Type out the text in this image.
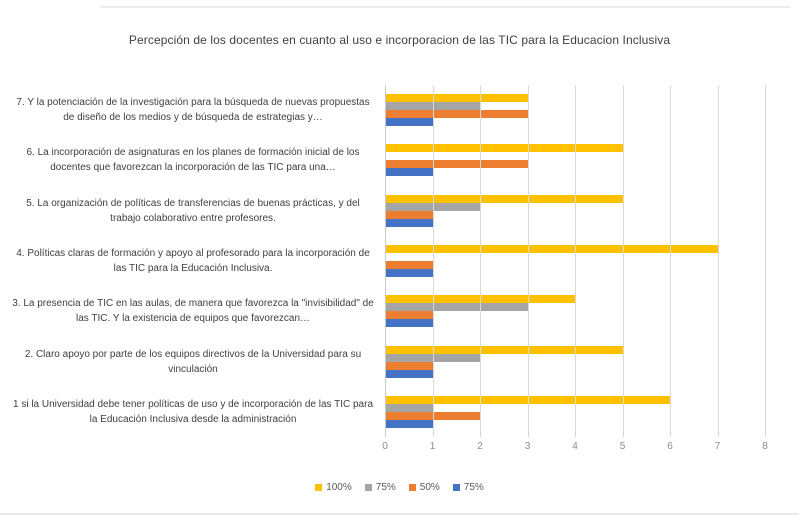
Percepción de los docentes en cuanto al uso e incorporacion de las TIC para la Educacion Inclusiva
7. Y la potenciación de la investigación para la búsqueda de nuevas propuestas de diseño de los medios y de búsqueda de estrategias y…
6. La incorporación de asignaturas en los planes de formación inicial de los docentes que favorezcan la incorporación de las TIC para una…
5. La organización de políticas de transferencias de buenas prácticas, y del trabajo colaborativo entre profesores.
4. Políticas claras de formación y apoyo al profesorado para la incorporación de las TIC para la Educación Inclusiva.
3. La presencia de TIC en las aulas, de manera que favorezca la "invisibilidad" de las TIC. Y la existencia de equipos que favorezcan…
2. Claro apoyo por parte de los equipos directivos de la Universidad para su vinculación
1 si la Universidad debe tener políticas de uso y de incorporación de las TIC para la Educación Inclusiva desde la administración
0	1	2	3	4	5	6	7	8
100% 75% 50% 75%
